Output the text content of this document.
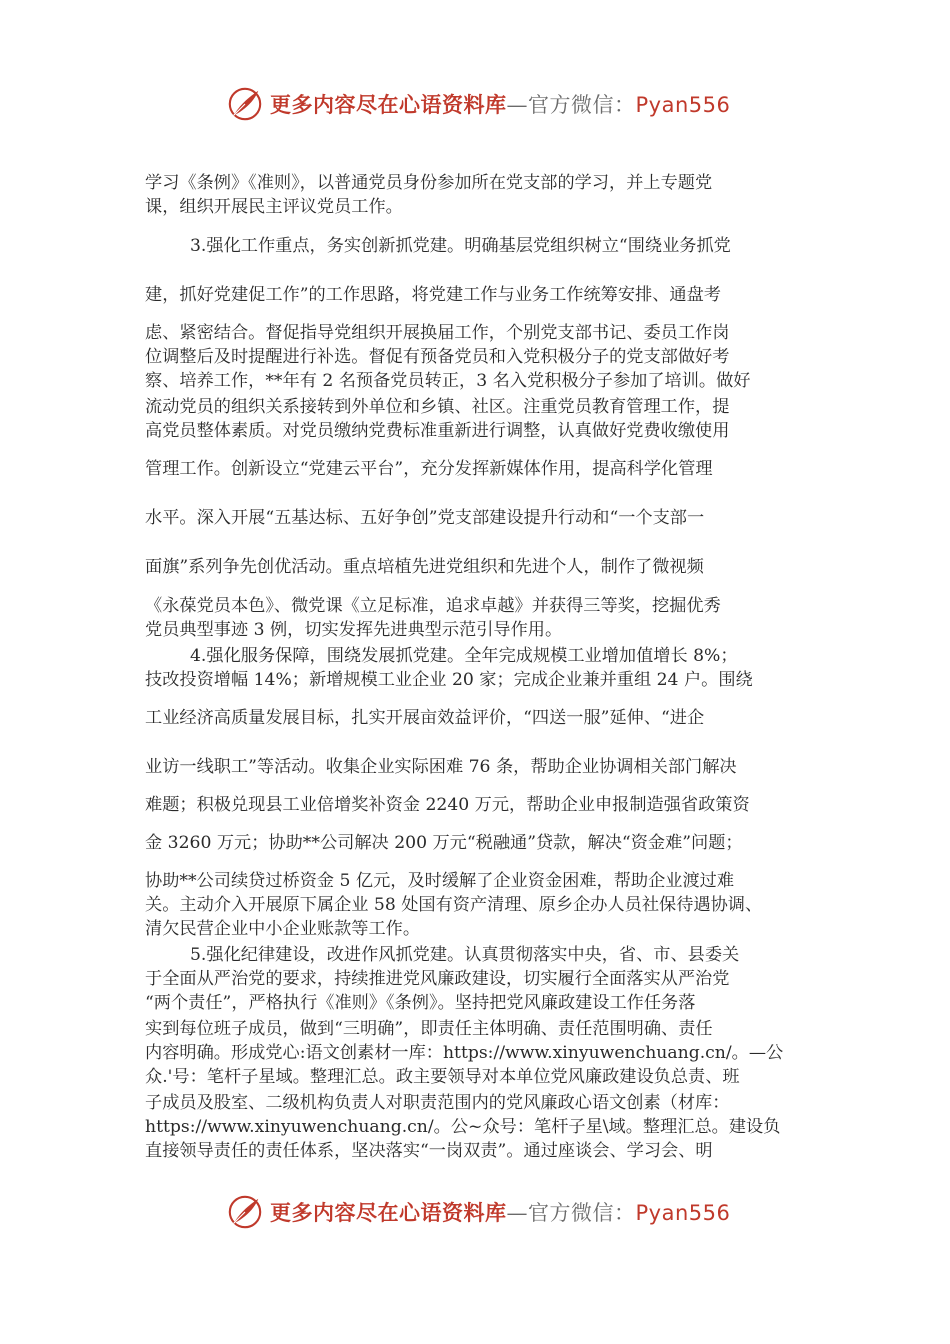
更多内容尽在心语资料库—官方微信：Pyan556
学习《条例》《准则》，以普通党员身份参加所在党支部的学习，并上专题党
课，组织开展民主评议党员工作。
3.强化工作重点，务实创新抓党建。明确基层党组织树立“围绕业务抓党
建，抓好党建促工作”的工作思路，将党建工作与业务工作统筹安排、通盘考
虑、紧密结合。督促指导党组织开展换届工作，个别党支部书记、委员工作岗
位调整后及时提醒进行补选。督促有预备党员和入党积极分子的党支部做好考
察、培养工作，**年有 2 名预备党员转正，3 名入党积极分子参加了培训。做好
流动党员的组织关系接转到外单位和乡镇、社区。注重党员教育管理工作，提
高党员整体素质。对党员缴纳党费标准重新进行调整，认真做好党费收缴使用
管理工作。创新设立“党建云平台”，充分发挥新媒体作用，提高科学化管理
水平。深入开展“五基达标、五好争创”党支部建设提升行动和“一个支部一
面旗”系列争先创优活动。重点培植先进党组织和先进个人，制作了微视频
《永葆党员本色》、微党课《立足标准，追求卓越》并获得三等奖，挖掘优秀
党员典型事迹 3 例，切实发挥先进典型示范引导作用。
4.强化服务保障，围绕发展抓党建。全年完成规模工业增加值增长 8%；
技改投资增幅 14%；新增规模工业企业 20 家；完成企业兼并重组 24 户。围绕
工业经济高质量发展目标，扎实开展亩效益评价，“四送一服”延伸、“进企
业访一线职工”等活动。收集企业实际困难 76 条，帮助企业协调相关部门解决
难题；积极兑现县工业倍增奖补资金 2240 万元，帮助企业申报制造强省政策资
金 3260 万元；协助**公司解决 200 万元“税融通”贷款，解决“资金难”问题；
协助**公司续贷过桥资金 5 亿元，及时缓解了企业资金困难，帮助企业渡过难
关。主动介入开展原下属企业 58 处国有资产清理、原乡企办人员社保待遇协调、
清欠民营企业中小企业账款等工作。
5.强化纪律建设，改进作风抓党建。认真贯彻落实中央，省、市、县委关
于全面从严治党的要求，持续推进党风廉政建设，切实履行全面落实从严治党
“两个责任”，严格执行《准则》《条例》。坚持把党风廉政建设工作任务落
实到每位班子成员，做到“三明确”，即责任主体明确、责任范围明确、责任
内容明确。形成党心:语文创素材一库：https://www.xinyuwenchuang.cn/。—公
众.'号：笔杆子星域。整理汇总。政主要领导对本单位党风廉政建设负总责、班
子成员及股室、二级机构负责人对职责范围内的党风廉政心语文创素（材库：
https://www.xinyuwenchuang.cn/。公~众号：笔杆子星\域。整理汇总。建设负
直接领导责任的责任体系，坚决落实“一岗双责”。通过座谈会、学习会、明
更多内容尽在心语资料库—官方微信：Pyan556
